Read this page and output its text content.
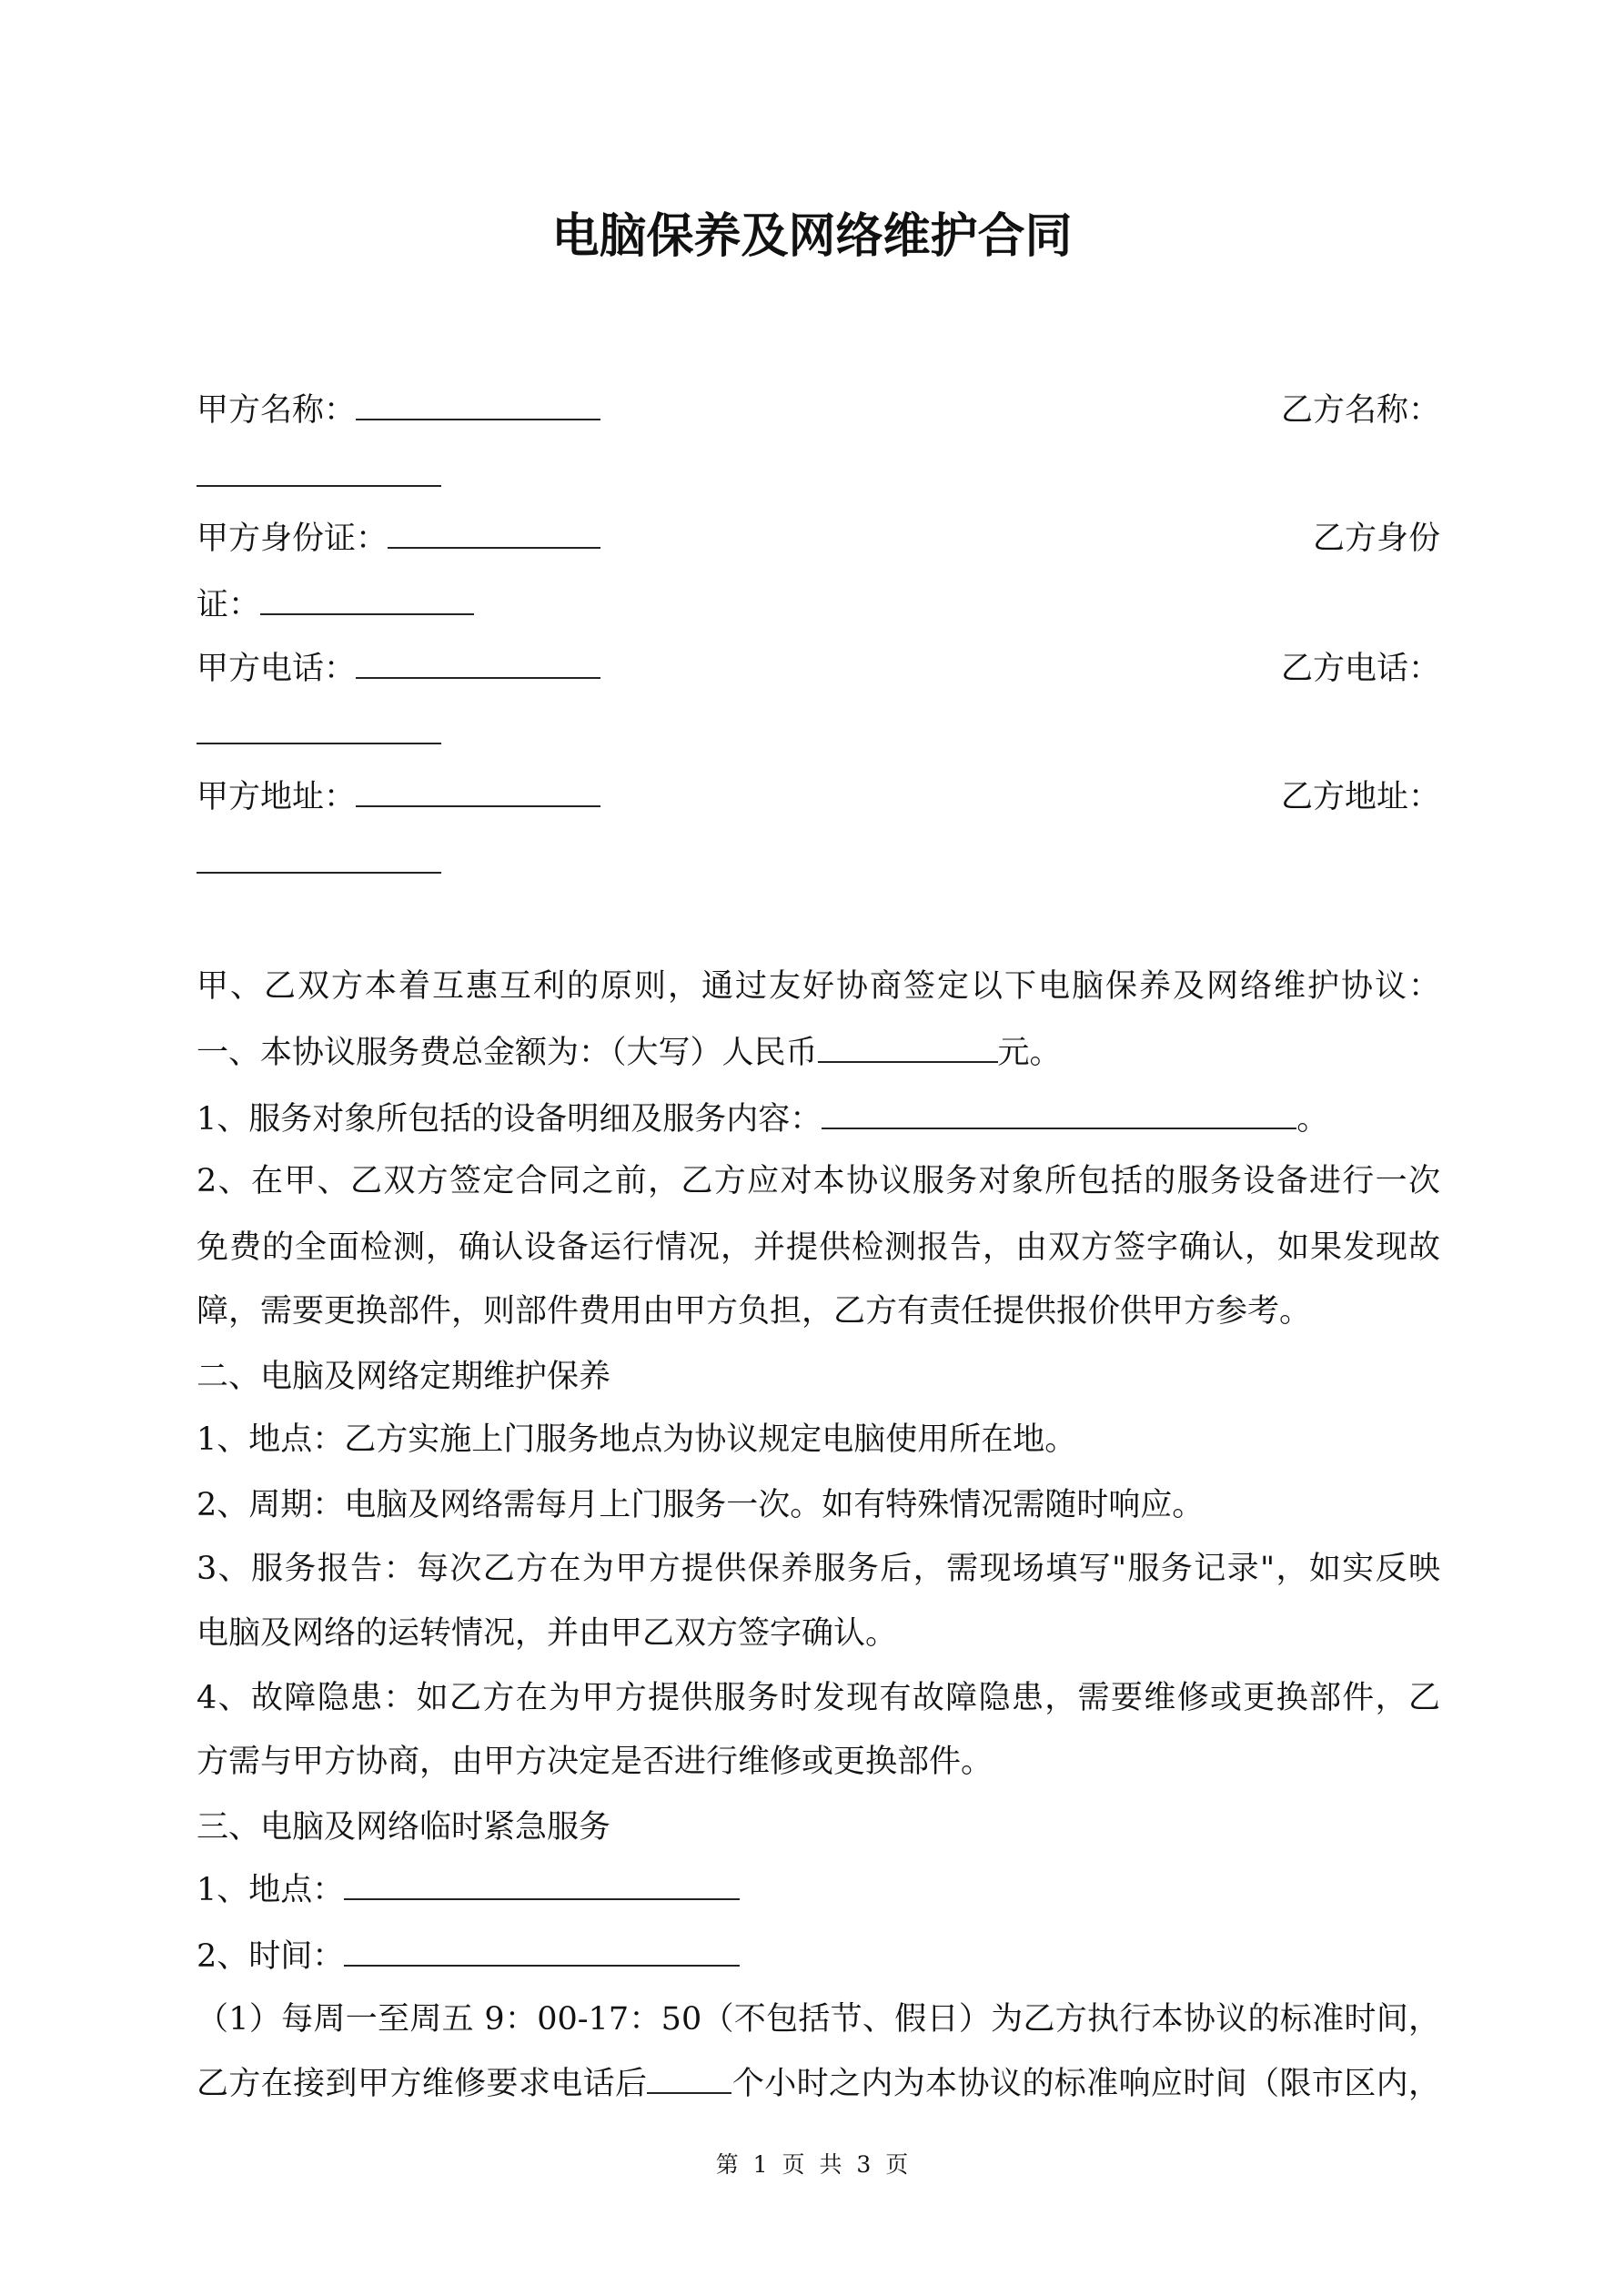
电脑保养及网络维护合同
甲方名称：	乙方名称：
甲方身份证：	乙方身份
证：
甲方电话：	乙方电话：
甲方地址：	乙方地址：
甲、乙双方本着互惠互利的原则，通过友好协商签定以下电脑保养及网络维护协议：
一、本协议服务费总金额为：（大写）人民币	元。
1、服务对象所包括的设备明细及服务内容：	。
2、在甲、乙双方签定合同之前，乙方应对本协议服务对象所包括的服务设备进行一次
免费的全面检测，确认设备运行情况，并提供检测报告，由双方签字确认，如果发现故
障，需要更换部件，则部件费用由甲方负担，乙方有责任提供报价供甲方参考。
二、电脑及网络定期维护保养
1、地点：乙方实施上门服务地点为协议规定电脑使用所在地。
2、周期：电脑及网络需每月上门服务一次。如有特殊情况需随时响应。
3、服务报告：每次乙方在为甲方提供保养服务后，需现场填写"服务记录"，如实反映
电脑及网络的运转情况，并由甲乙双方签字确认。
4、故障隐患：如乙方在为甲方提供服务时发现有故障隐患，需要维修或更换部件，乙
方需与甲方协商，由甲方决定是否进行维修或更换部件。
三、电脑及网络临时紧急服务
1、地点：
2、时间：
（1）每周一至周五 9：00-17：50（不包括节、假日）为乙方执行本协议的标准时间，
乙方在接到甲方维修要求电话后	个小时之内为本协议的标准响应时间（限市区内，
第 1 页 共 3 页
